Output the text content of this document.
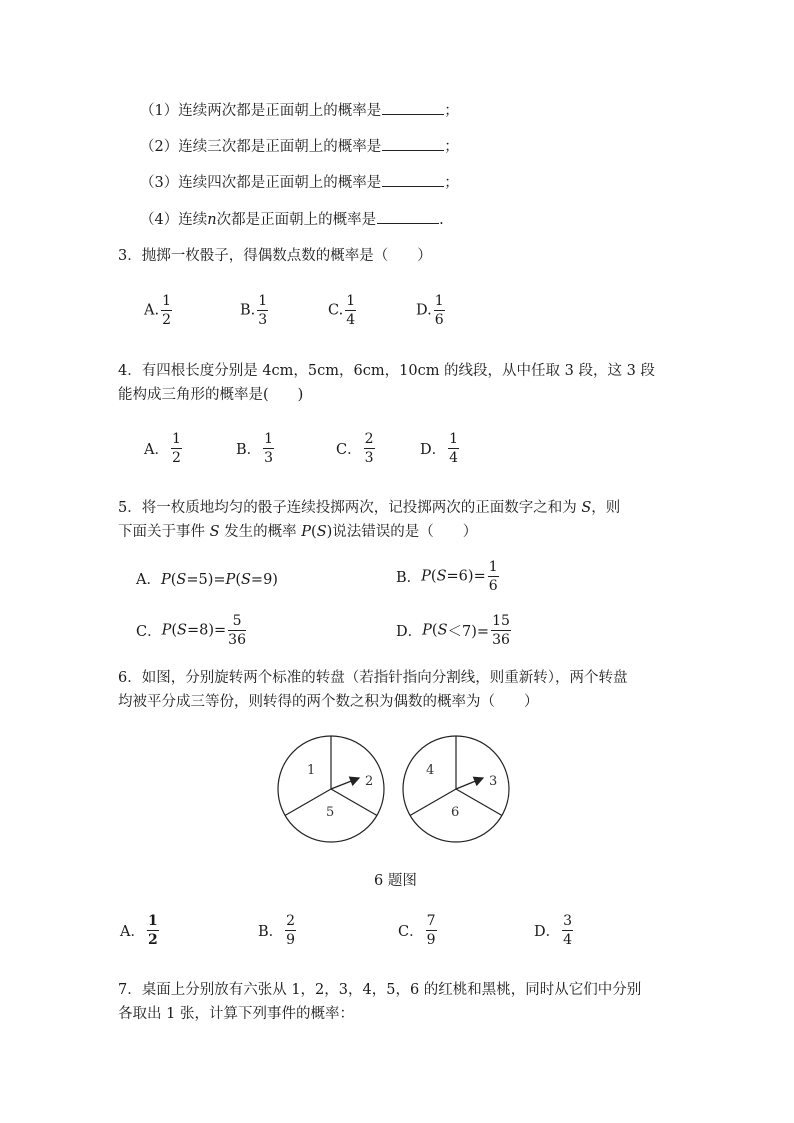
（1）连续两次都是正面朝上的概率是	；
（2）连续三次都是正面朝上的概率是	；
（3）连续四次都是正面朝上的概率是	；
（4）连续n次都是正面朝上的概率是	.
3．抛掷一枚骰子，得偶数点数的概率是（　　）
A. $\frac{1}{2}$	B. $\frac{1}{3}$	C. $\frac{1}{4}$	D. $\frac{1}{6}$
4．有四根长度分别是 4cm，5cm，6cm，10cm 的线段，从中任取 3 段，这 3 段
能构成三角形的概率是(　　)
A． $\frac{1}{2}$	B． $\frac{1}{3}$	C． $\frac{2}{3}$	D． $\frac{1}{4}$
5．将一枚质地均匀的骰子连续投掷两次，记投掷两次的正面数字之和为 S，则
下面关于事件 S 发生的概率 P(S)说法错误的是（　　）
A．P(S=5)=P(S=9)	B．$P(S=6)= \frac{1}{6}$
C．$P(S=8)= \frac{5}{36}$	D．$P(S<7)= \frac{15}{36}$
6．如图，分别旋转两个标准的转盘（若指针指向分割线，则重新转），两个转盘
均被平分成三等份，则转得的两个数之积为偶数的概率为（　　）
1
2
5
4
3
6
6 题图
A． $\frac{1}{2}$	B． $\frac{2}{9}$	C． $\frac{7}{9}$	D． $\frac{3}{4}$
7．桌面上分别放有六张从 1，2，3，4，5，6 的红桃和黑桃，同时从它们中分别
各取出 1 张，计算下列事件的概率：
